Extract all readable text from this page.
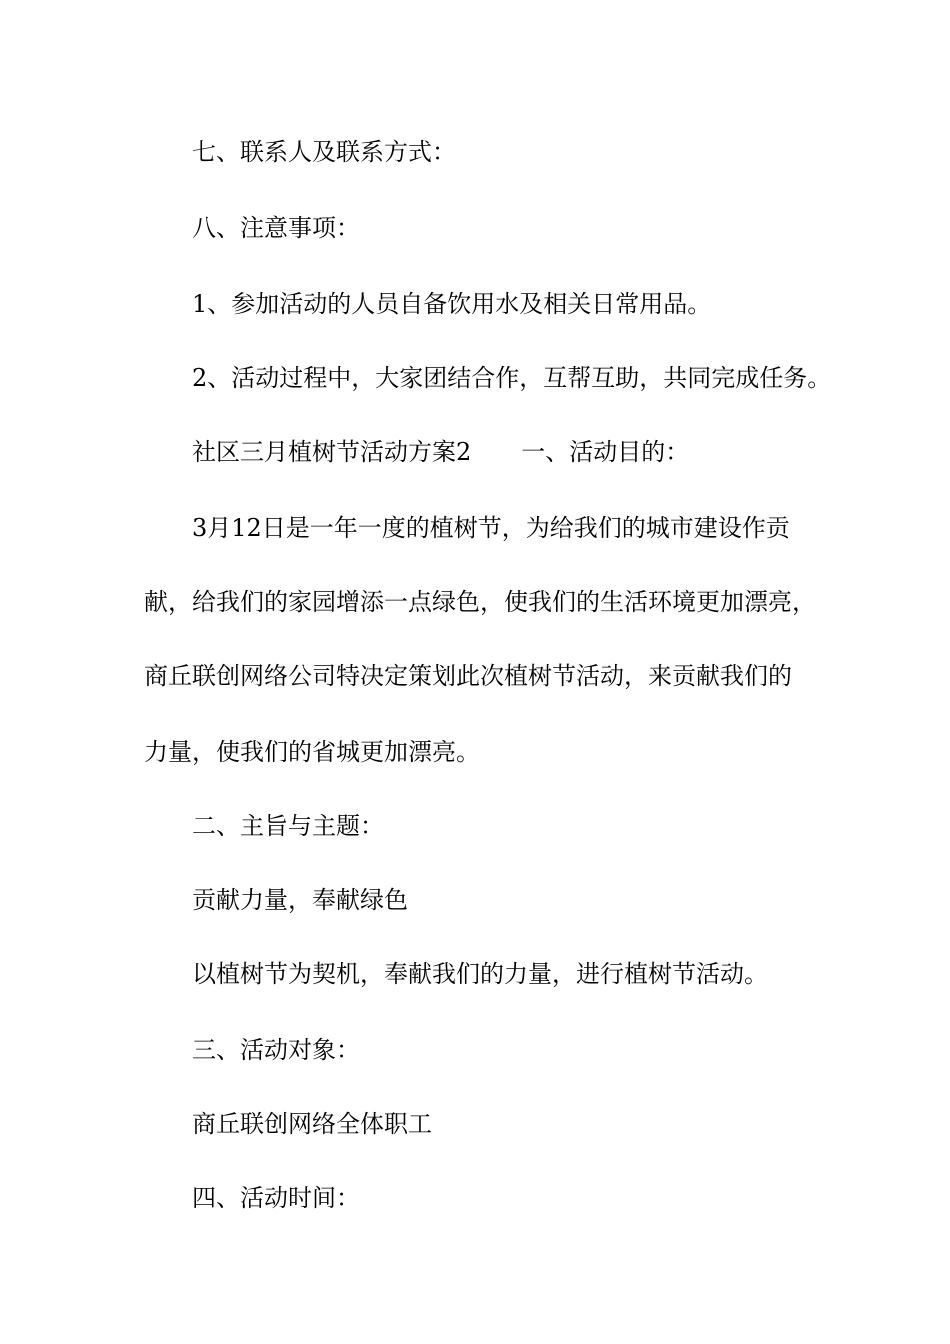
七、联系人及联系方式：

八、注意事项：

1、参加活动的人员自备饮用水及相关日常用品。

2、活动过程中，大家团结合作，互帮互助，共同完成任务。

社区三月植树节活动方案2 一、活动目的：

3月12日是一年一度的植树节，为给我们的城市建设作贡

献，给我们的家园增添一点绿色，使我们的生活环境更加漂亮，

商丘联创网络公司特决定策划此次植树节活动，来贡献我们的

力量，使我们的省城更加漂亮。

二、主旨与主题：

贡献力量，奉献绿色

以植树节为契机，奉献我们的力量，进行植树节活动。

三、活动对象：

商丘联创网络全体职工

四、活动时间：
